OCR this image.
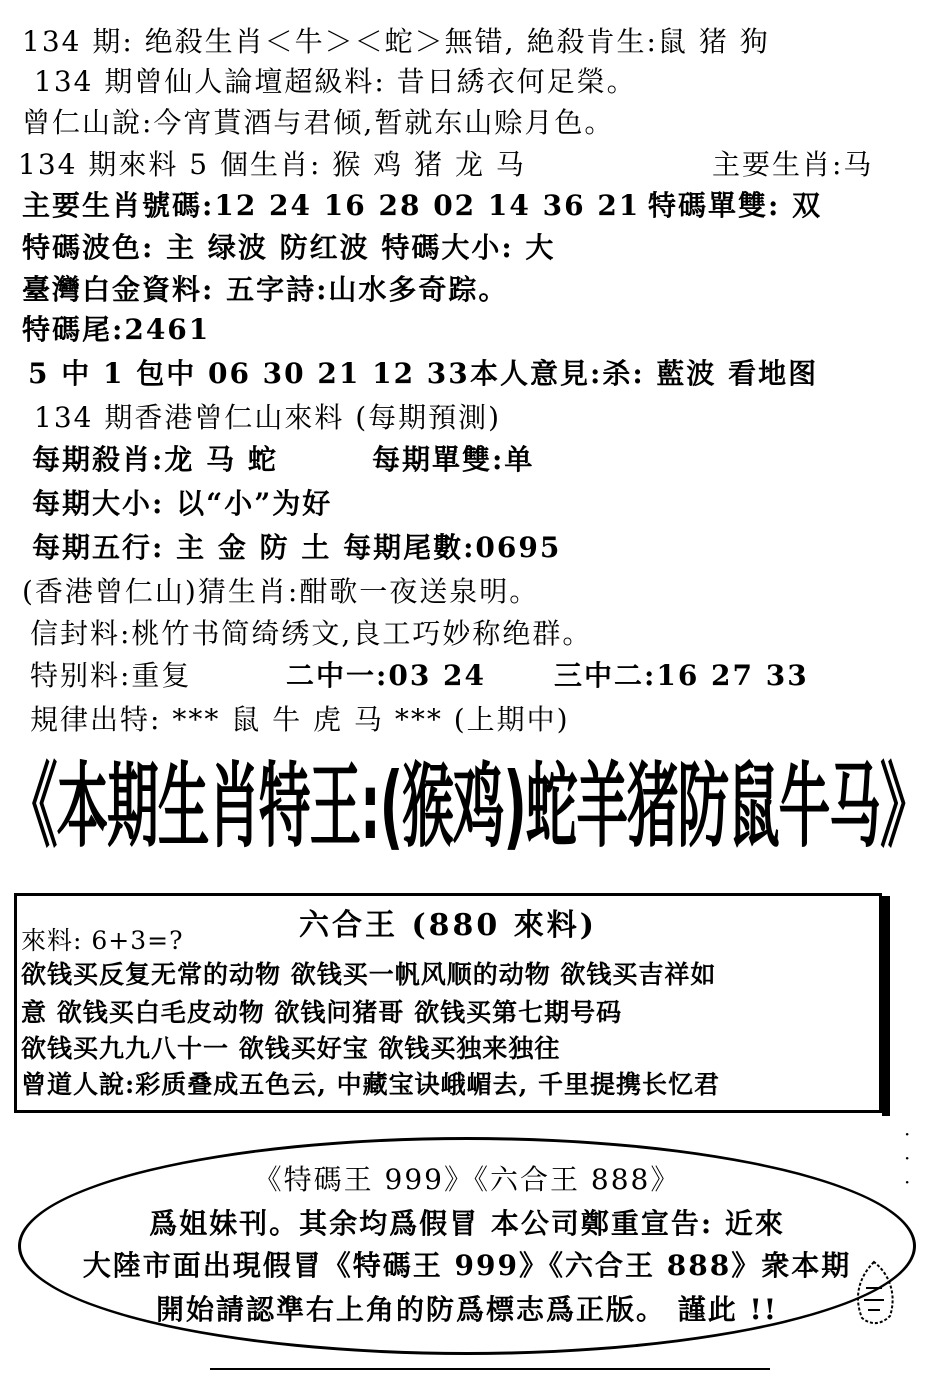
134 期: 绝殺生肖＜牛＞＜蛇＞無错, 絶殺肯生:鼠 猪 狗
134 期曾仙人論壇超級料: 昔日綉衣何足榮。
曾仁山說:今宵貰酒与君倾,暂就东山赊月色。
134 期來料 5 個生肖: 猴 鸡 猪 龙 马	主要生肖:马
主要生肖號碼:12 24 16 28 02 14 36 21 特碼單雙: 双
特碼波色: 主 绿波 防红波 特碼大小: 大
臺灣白金資料: 五字詩:山水多奇踪。
特碼尾:2461
5 中 1 包中 06 30 21 12 33 本人意見:杀: 藍波 看地图
134 期香港曾仁山來料 (每期預測)
每期殺肖:龙 马 蛇	每期單雙:单
每期大小: 以“小”为好
每期五行: 主 金 防 土 每期尾數:0695
(香港曾仁山)猜生肖:酣歌一夜送泉明。
信封料:桃竹书简绮绣文,良工巧妙称绝群。
特别料:重复	二中一:03 24 三中二:16 27 33
規律出特: *** 鼠 牛 虎 马 *** (上期中)
《本期生肖特王:(猴鸡)蛇羊猪防鼠牛马》
六合王 (880 來料)
來料: 6+3=?
欲钱买反复无常的动物 欲钱买一帆风顺的动物 欲钱买吉祥如
意 欲钱买白毛皮动物 欲钱问猪哥 欲钱买第七期号码
欲钱买九九八十一 欲钱买好宝 欲钱买独来独往
曾道人說:彩质叠成五色云, 中藏宝诀峨嵋去, 千里提携长忆君
· · ·
《特碼王 999》《六合王 888》
爲姐妹刊。其余均爲假冒 本公司鄭重宣告: 近來
大陸市面出現假冒《特碼王 999》《六合王 888》衆本期
開始請認準右上角的防爲標志爲正版。 謹此 !!
